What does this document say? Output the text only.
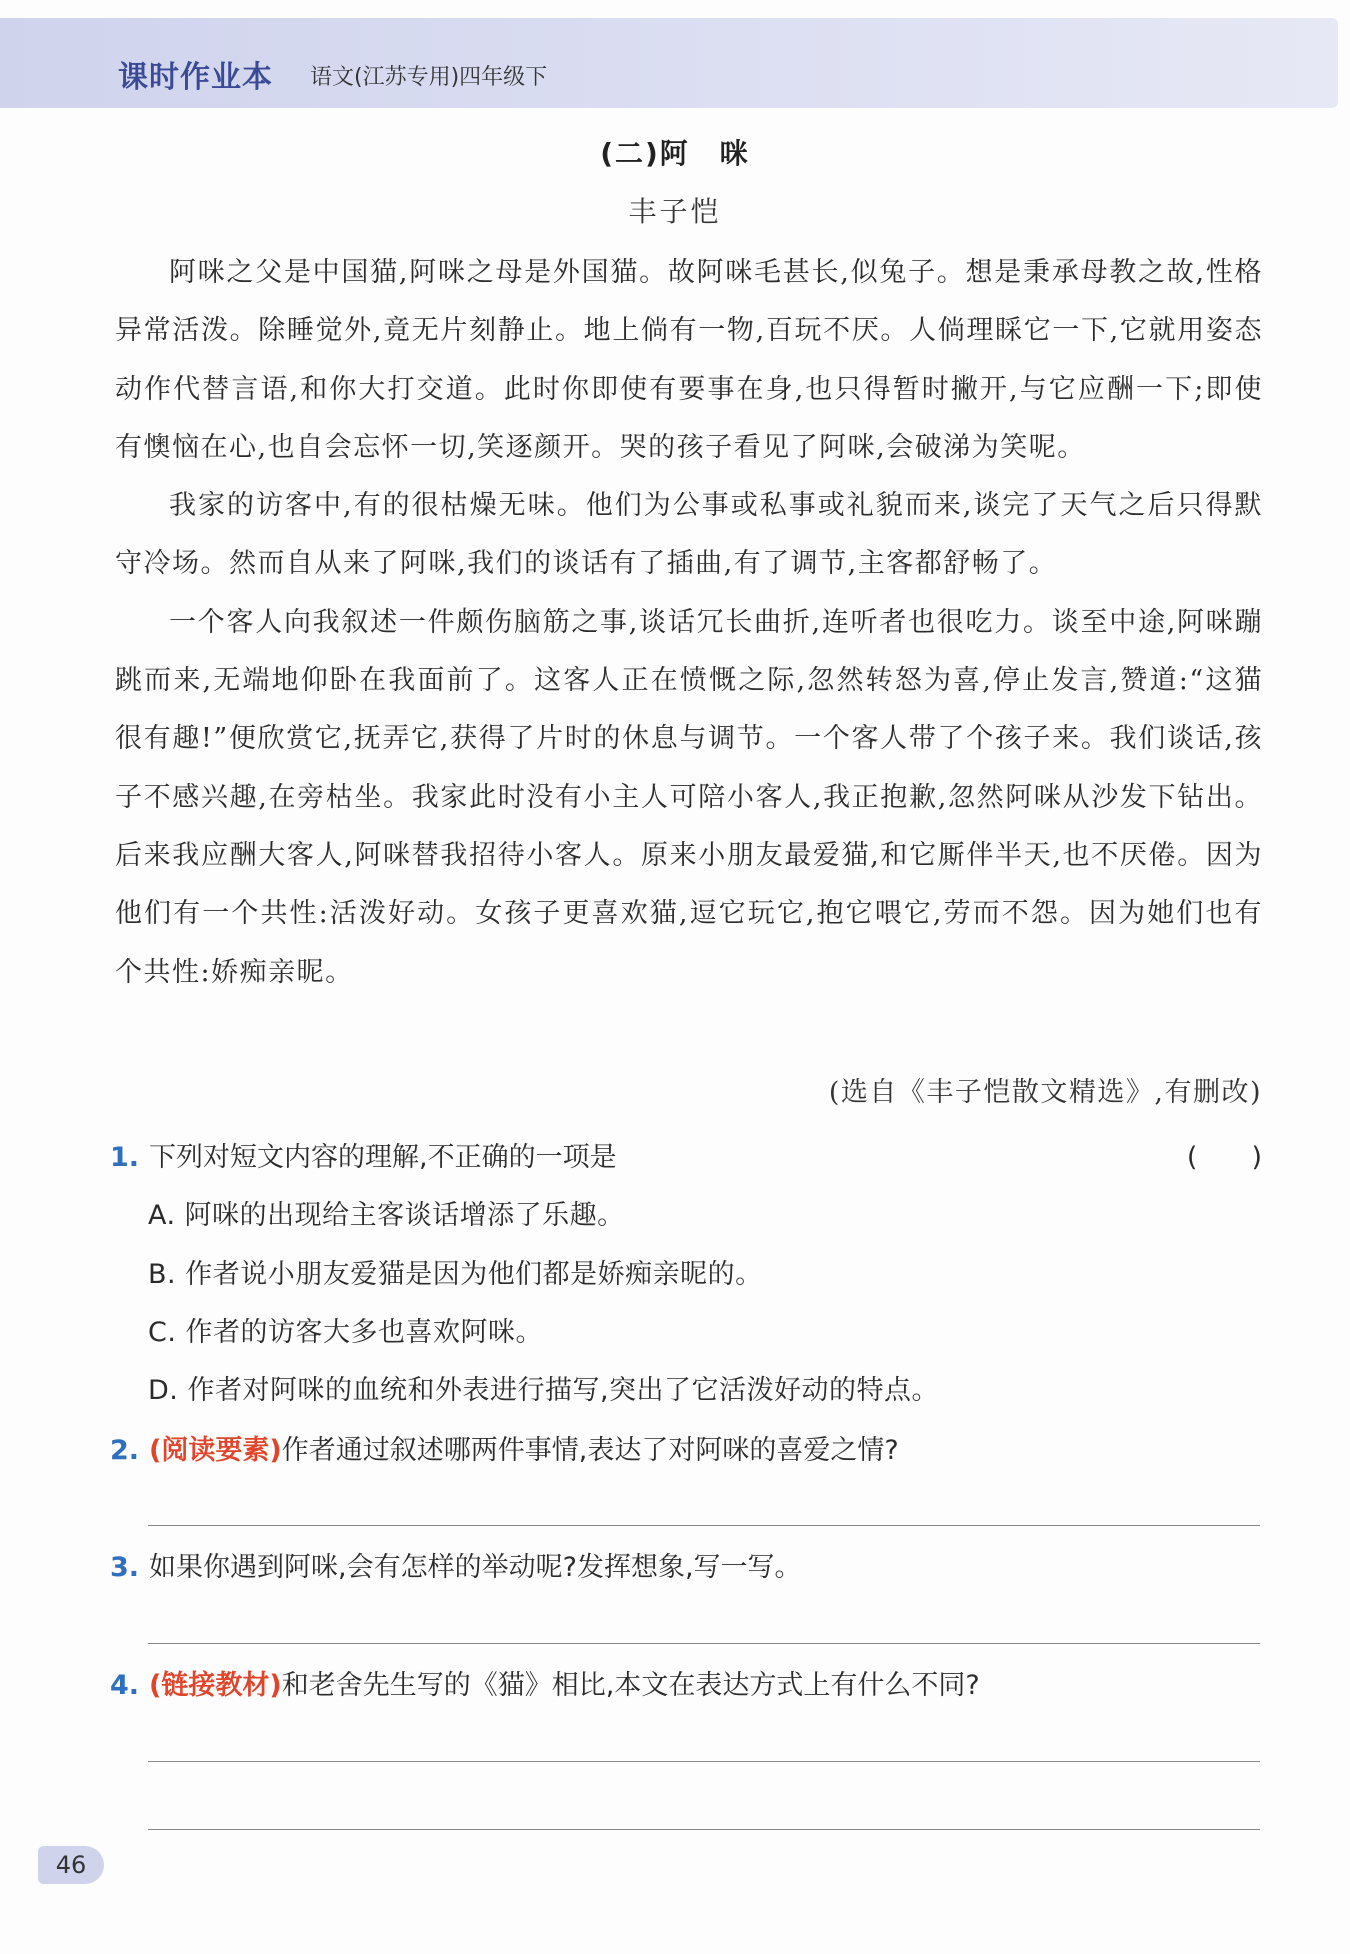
课时作业本 语文(江苏专用)四年级下
(二)阿　咪
丰子恺

阿咪之父是中国猫,阿咪之母是外国猫。故阿咪毛甚长,似兔子。想是秉承母教之故,性格异常活泼。除睡觉外,竟无片刻静止。地上倘有一物,百玩不厌。人倘理睬它一下,它就用姿态动作代替言语,和你大打交道。此时你即使有要事在身,也只得暂时撇开,与它应酬一下;即使有懊恼在心,也自会忘怀一切,笑逐颜开。哭的孩子看见了阿咪,会破涕为笑呢。

我家的访客中,有的很枯燥无味。他们为公事或私事或礼貌而来,谈完了天气之后只得默守冷场。然而自从来了阿咪,我们的谈话有了插曲,有了调节,主客都舒畅了。

一个客人向我叙述一件颇伤脑筋之事,谈话冗长曲折,连听者也很吃力。谈至中途,阿咪蹦跳而来,无端地仰卧在我面前了。这客人正在愤慨之际,忽然转怒为喜,停止发言,赞道:“这猫很有趣!”便欣赏它,抚弄它,获得了片时的休息与调节。一个客人带了个孩子来。我们谈话,孩子不感兴趣,在旁枯坐。我家此时没有小主人可陪小客人,我正抱歉,忽然阿咪从沙发下钻出。后来我应酬大客人,阿咪替我招待小客人。原来小朋友最爱猫,和它厮伴半天,也不厌倦。因为他们有一个共性:活泼好动。女孩子更喜欢猫,逗它玩它,抱它喂它,劳而不怨。因为她们也有个共性:娇痴亲昵。

(选自《丰子恺散文精选》,有删改)
1. 下列对短文内容的理解,不正确的一项是	(　　)
A. 阿咪的出现给主客谈话增添了乐趣。
B. 作者说小朋友爱猫是因为他们都是娇痴亲昵的。
C. 作者的访客大多也喜欢阿咪。
D. 作者对阿咪的血统和外表进行描写,突出了它活泼好动的特点。
2. (阅读要素)作者通过叙述哪两件事情,表达了对阿咪的喜爱之情?
3. 如果你遇到阿咪,会有怎样的举动呢?发挥想象,写一写。
4. (链接教材)和老舍先生写的《猫》相比,本文在表达方式上有什么不同?
46
